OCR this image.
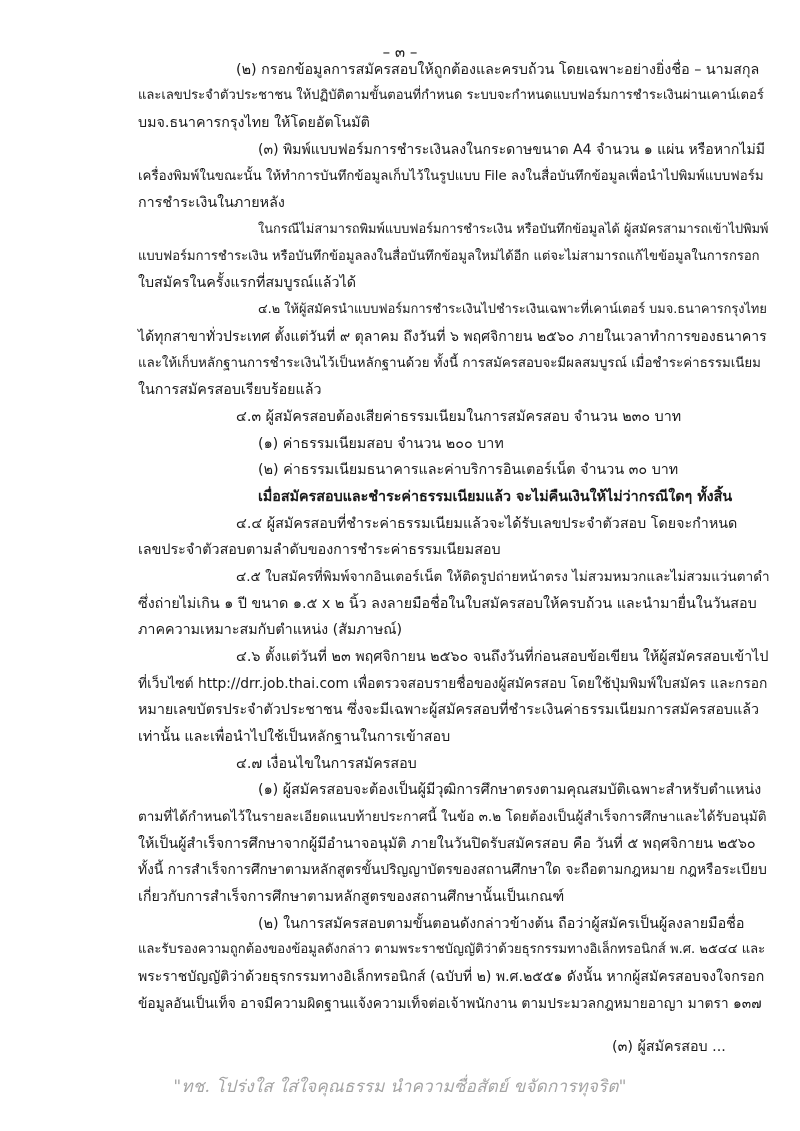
– ๓ –
(๒) กรอกข้อมูลการสมัครสอบให้ถูกต้องและครบถ้วน โดยเฉพาะอย่างยิ่งชื่อ – นามสกุล
และเลขประจำตัวประชาชน ให้ปฏิบัติตามขั้นตอนที่กำหนด ระบบจะกำหนดแบบฟอร์มการชำระเงินผ่านเคาน์เตอร์
บมจ.ธนาคารกรุงไทย ให้โดยอัตโนมัติ
(๓) พิมพ์แบบฟอร์มการชำระเงินลงในกระดาษขนาด A4 จำนวน ๑ แผ่น หรือหากไม่มี
เครื่องพิมพ์ในขณะนั้น ให้ทำการบันทึกข้อมูลเก็บไว้ในรูปแบบ File ลงในสื่อบันทึกข้อมูลเพื่อนำไปพิมพ์แบบฟอร์ม
การชำระเงินในภายหลัง
ในกรณีไม่สามารถพิมพ์แบบฟอร์มการชำระเงิน หรือบันทึกข้อมูลได้ ผู้สมัครสามารถเข้าไปพิมพ์
แบบฟอร์มการชำระเงิน หรือบันทึกข้อมูลลงในสื่อบันทึกข้อมูลใหม่ได้อีก แต่จะไม่สามารถแก้ไขข้อมูลในการกรอก
ใบสมัครในครั้งแรกที่สมบูรณ์แล้วได้
๔.๒ ให้ผู้สมัครนำแบบฟอร์มการชำระเงินไปชำระเงินเฉพาะที่เคาน์เตอร์ บมจ.ธนาคารกรุงไทย
ได้ทุกสาขาทั่วประเทศ ตั้งแต่วันที่ ๙ ตุลาคม ถึงวันที่ ๖ พฤศจิกายน ๒๕๖๐ ภายในเวลาทำการของธนาคาร
และให้เก็บหลักฐานการชำระเงินไว้เป็นหลักฐานด้วย ทั้งนี้ การสมัครสอบจะมีผลสมบูรณ์ เมื่อชำระค่าธรรมเนียม
ในการสมัครสอบเรียบร้อยแล้ว
๔.๓ ผู้สมัครสอบต้องเสียค่าธรรมเนียมในการสมัครสอบ จำนวน ๒๓๐ บาท
(๑) ค่าธรรมเนียมสอบ จำนวน ๒๐๐ บาท
(๒) ค่าธรรมเนียมธนาคารและค่าบริการอินเตอร์เน็ต จำนวน ๓๐ บาท
เมื่อสมัครสอบและชำระค่าธรรมเนียมแล้ว จะไม่คืนเงินให้ไม่ว่ากรณีใดๆ ทั้งสิ้น
๔.๔ ผู้สมัครสอบที่ชำระค่าธรรมเนียมแล้วจะได้รับเลขประจำตัวสอบ โดยจะกำหนด
เลขประจำตัวสอบตามลำดับของการชำระค่าธรรมเนียมสอบ
๔.๕ ใบสมัครที่พิมพ์จากอินเตอร์เน็ต ให้ติดรูปถ่ายหน้าตรง ไม่สวมหมวกและไม่สวมแว่นตาดำ
ซึ่งถ่ายไม่เกิน ๑ ปี ขนาด ๑.๕ x ๒ นิ้ว ลงลายมือชื่อในใบสมัครสอบให้ครบถ้วน และนำมายื่นในวันสอบ
ภาคความเหมาะสมกับตำแหน่ง (สัมภาษณ์)
๔.๖ ตั้งแต่วันที่ ๒๓ พฤศจิกายน ๒๕๖๐ จนถึงวันที่ก่อนสอบข้อเขียน ให้ผู้สมัครสอบเข้าไป
ที่เว็บไซต์ http://drr.job.thai.com เพื่อตรวจสอบรายชื่อของผู้สมัครสอบ โดยใช้ปุ่มพิมพ์ใบสมัคร และกรอก
หมายเลขบัตรประจำตัวประชาชน ซึ่งจะมีเฉพาะผู้สมัครสอบที่ชำระเงินค่าธรรมเนียมการสมัครสอบแล้ว
เท่านั้น และเพื่อนำไปใช้เป็นหลักฐานในการเข้าสอบ
๔.๗ เงื่อนไขในการสมัครสอบ
(๑) ผู้สมัครสอบจะต้องเป็นผู้มีวุฒิการศึกษาตรงตามคุณสมบัติเฉพาะสำหรับตำแหน่ง
ตามที่ได้กำหนดไว้ในรายละเอียดแนบท้ายประกาศนี้ ในข้อ ๓.๒ โดยต้องเป็นผู้สำเร็จการศึกษาและได้รับอนุมัติ
ให้เป็นผู้สำเร็จการศึกษาจากผู้มีอำนาจอนุมัติ ภายในวันปิดรับสมัครสอบ คือ วันที่ ๕ พฤศจิกายน ๒๕๖๐
ทั้งนี้ การสำเร็จการศึกษาตามหลักสูตรขั้นปริญญาบัตรของสถานศึกษาใด จะถือตามกฎหมาย กฎหรือระเบียบ
เกี่ยวกับการสำเร็จการศึกษาตามหลักสูตรของสถานศึกษานั้นเป็นเกณฑ์
(๒) ในการสมัครสอบตามขั้นตอนดังกล่าวข้างต้น ถือว่าผู้สมัครเป็นผู้ลงลายมือชื่อ
และรับรองความถูกต้องของข้อมูลดังกล่าว ตามพระราชบัญญัติว่าด้วยธุรกรรมทางอิเล็กทรอนิกส์ พ.ศ. ๒๕๔๔ และ
พระราชบัญญัติว่าด้วยธุรกรรมทางอิเล็กทรอนิกส์ (ฉบับที่ ๒) พ.ศ.๒๕๕๑ ดังนั้น หากผู้สมัครสอบจงใจกรอก
ข้อมูลอันเป็นเท็จ อาจมีความผิดฐานแจ้งความเท็จต่อเจ้าพนักงาน ตามประมวลกฎหมายอาญา มาตรา ๑๓๗
(๓) ผู้สมัครสอบ ...
"ทช. โปร่งใส ใส่ใจคุณธรรม นำความซื่อสัตย์ ขจัดการทุจริต"
